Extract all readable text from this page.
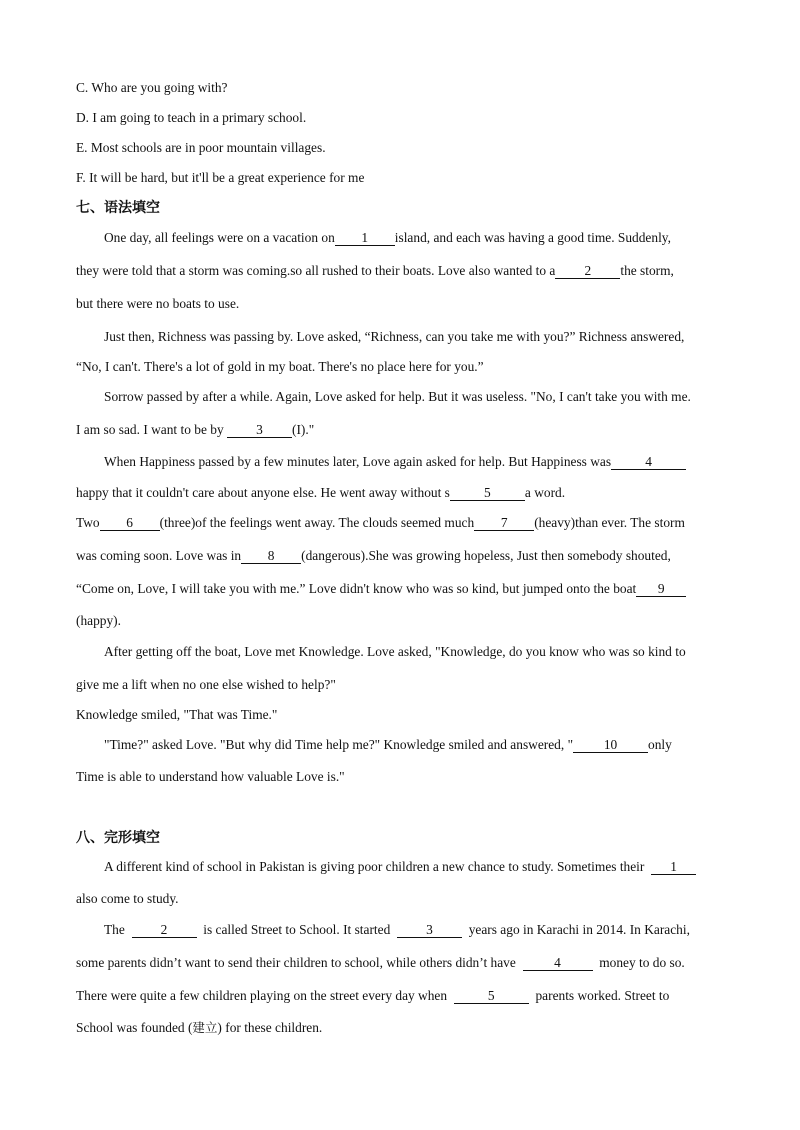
C. Who are you going with?
D. I am going to teach in a primary school.
E. Most schools are in poor mountain villages.
F. It will be hard, but it'll be a great experience for me
七、语法填空
One day, all feelings were on a vacation on 1 island, and each was having a good time. Suddenly,
they were told that a storm was coming.so all rushed to their boats. Love also wanted to a 2 the storm,
but there were no boats to use.
Just then, Richness was passing by. Love asked, “Richness, can you take me with you?” Richness answered,
“No, I can't. There's a lot of gold in my boat. There's no place here for you.”
Sorrow passed by after a while. Again, Love asked for help. But it was useless. "No, I can't take you with me.
I am so sad. I want to be by 3 (I)."
When Happiness passed by a few minutes later, Love again asked for help. But Happiness was	4
happy that it couldn't care about anyone else. He went away without s	5	a word.
Two 6 (three)of the feelings went away. The clouds seemed much 7 (heavy)than ever. The storm
was coming soon. Love was in 8 (dangerous).She was growing hopeless, Just then somebody shouted,
“Come on, Love, I will take you with me.” Love didn't know who was so kind, but jumped onto the boat 9
(happy).
After getting off the boat, Love met Knowledge. Love asked, "Knowledge, do you know who was so kind to
give me a lift when no one else wished to help?"
Knowledge smiled, "That was Time."
"Time?" asked Love. "But why did Time help me?" Knowledge smiled and answered, " 10 only
Time is able to understand how valuable Love is."
八、完形填空
A different kind of school in Pakistan is giving poor children a new chance to study. Sometimes their 1
also come to study.
The	2	is called Street to School. It started	3	years ago in Karachi in 2014. In Karachi,
some parents didn’t want to send their children to school, while others didn’t have	4	money to do so.
There were quite a few children playing on the street every day when	5	parents worked. Street to
School was founded (建立) for these children.
